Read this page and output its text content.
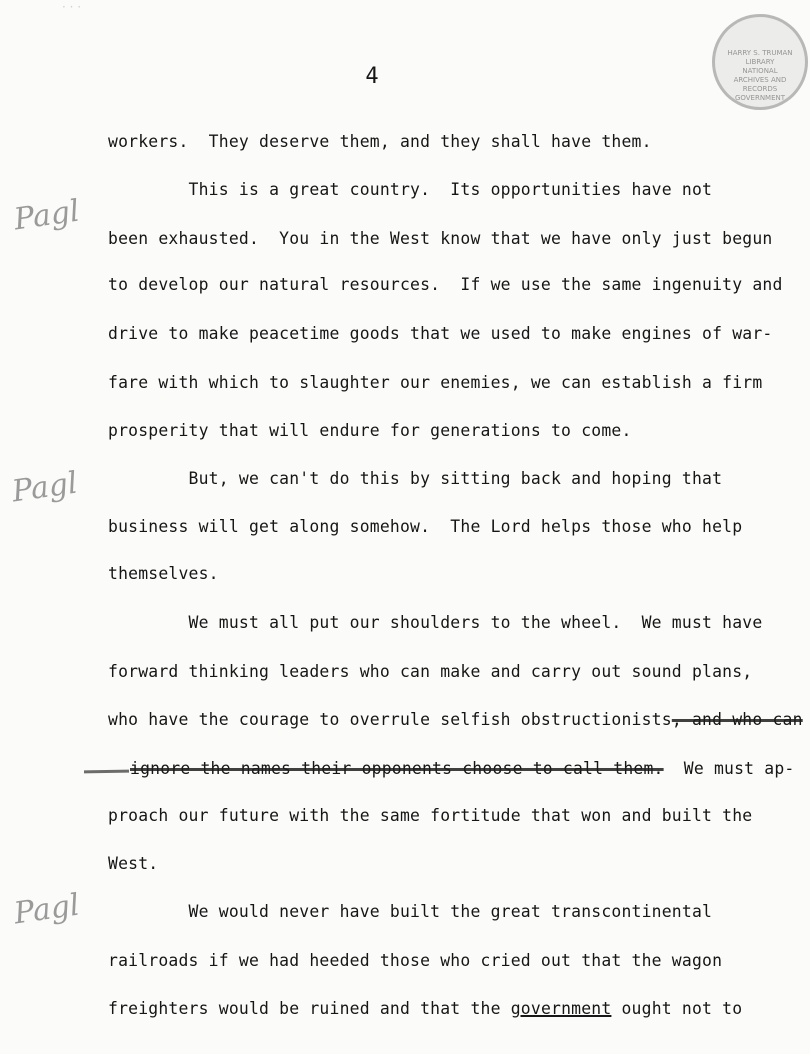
· · ·
HARRY S. TRUMAN LIBRARY
NATIONAL
ARCHIVES AND
RECORDS
GOVERNMENT
4
Pagl
Pagl
Pagl
workers.  They deserve them, and they shall have them.
This is a great country.  Its opportunities have not
been exhausted.  You in the West know that we have only just begun
to develop our natural resources.  If we use the same ingenuity and
drive to make peacetime goods that we used to make engines of war-
fare with which to slaughter our enemies, we can establish a firm
prosperity that will endure for generations to come.
But, we can't do this by sitting back and hoping that
business will get along somehow.  The Lord helps those who help
themselves.
We must all put our shoulders to the wheel.  We must have
forward thinking leaders who can make and carry out sound plans,
who have the courage to overrule selfish obstructionists, and who can
ignore the names their opponents choose to call them.  We must ap-
proach our future with the same fortitude that won and built the
West.
We would never have built the great transcontinental
railroads if we had heeded those who cried out that the wagon
freighters would be ruined and that the government ought not to
